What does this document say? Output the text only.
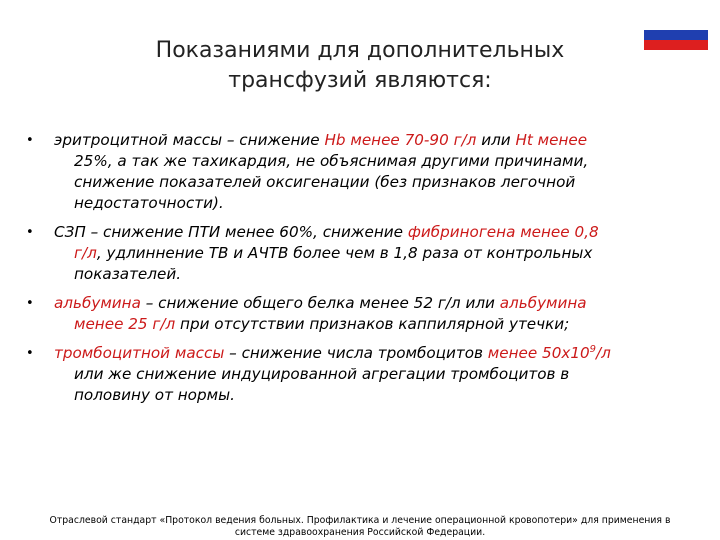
Показаниями для дополнительных
трансфузий являются:
• эритроцитной массы – снижение Hb менее 70-90 г/л или Ht менее
25%, а так же тахикардия, не объяснимая другими причинами,
снижение показателей оксигенации (без признаков легочной
недостаточности).
• СЗП – снижение ПТИ менее 60%, снижение фибриногена менее 0,8
г/л, удлиннение ТВ и АЧТВ более чем в 1,8 раза от контрольных
показателей.
• альбумина – снижение общего белка менее 52 г/л или альбумина
менее 25 г/л при отсутствии признаков каппилярной утечки;
• тромбоцитной массы – снижение числа тромбоцитов менее $50х10^9/л$
или же снижение индуцированной агрегации тромбоцитов в
половину от нормы.
Отраслевой стандарт «Протокол ведения больных. Профилактика и лечение операционной кровопотери» для применения в
системе здравоохранения Российской Федерации.
